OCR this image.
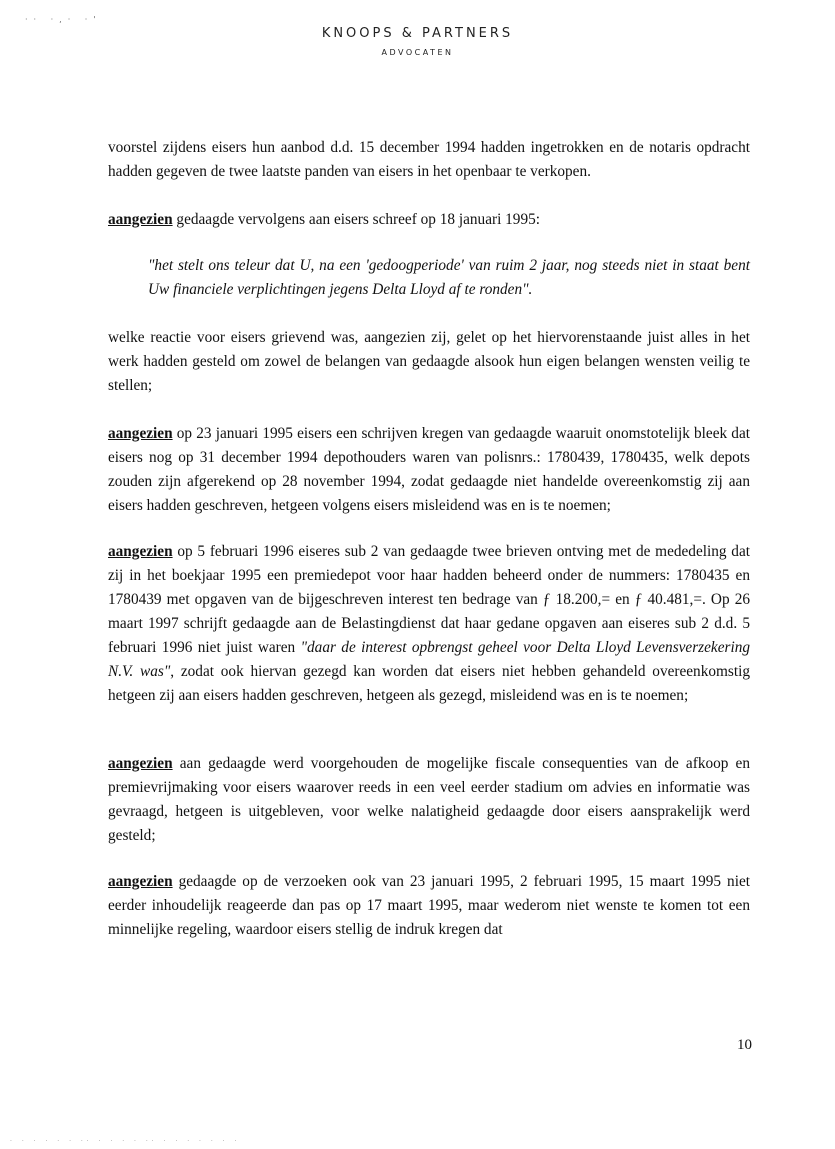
·· ·,· ·'
KNOOPS & PARTNERS
ADVOCATEN

voorstel zijdens eisers hun aanbod d.d. 15 december 1994 hadden ingetrokken en de notaris opdracht hadden gegeven de twee laatste panden van eisers in het openbaar te verkopen.

aangezien gedaagde vervolgens aan eisers schreef op 18 januari 1995:

"het stelt ons teleur dat U, na een 'gedoogperiode' van ruim 2 jaar, nog steeds niet in staat bent Uw financiele verplichtingen jegens Delta Lloyd af te ronden".

welke reactie voor eisers grievend was, aangezien zij, gelet op het hiervorenstaande juist alles in het werk hadden gesteld om zowel de belangen van gedaagde alsook hun eigen belangen wensten veilig te stellen;

aangezien op 23 januari 1995 eisers een schrijven kregen van gedaagde waaruit onomstotelijk bleek dat eisers nog op 31 december 1994 depothouders waren van polisnrs.: 1780439, 1780435, welk depots zouden zijn afgerekend op 28 november 1994, zodat gedaagde niet handelde overeenkomstig zij aan eisers hadden geschreven, hetgeen volgens eisers misleidend was en is te noemen;

aangezien op 5 februari 1996 eiseres sub 2 van gedaagde twee brieven ontving met de mededeling dat zij in het boekjaar 1995 een premiedepot voor haar hadden beheerd onder de nummers: 1780435 en 1780439 met opgaven van de bijgeschreven interest ten bedrage van ƒ 18.200,= en ƒ 40.481,=. Op 26 maart 1997 schrijft gedaagde aan de Belastingdienst dat haar gedane opgaven aan eiseres sub 2 d.d. 5 februari 1996 niet juist waren "daar de interest opbrengst geheel voor Delta Lloyd Levensverzekering N.V. was", zodat ook hiervan gezegd kan worden dat eisers niet hebben gehandeld overeenkomstig hetgeen zij aan eisers hadden geschreven, hetgeen als gezegd, misleidend was en is te noemen;

aangezien aan gedaagde werd voorgehouden de mogelijke fiscale consequenties van de afkoop en premievrijmaking voor eisers waarover reeds in een veel eerder stadium om advies en informatie was gevraagd, hetgeen is uitgebleven, voor welke nalatigheid gedaagde door eisers aansprakelijk werd gesteld;

aangezien gedaagde op de verzoeken ook van 23 januari 1995, 2 februari 1995, 15 maart 1995 niet eerder inhoudelijk reageerde dan pas op 17 maart 1995, maar wederom niet wenste te komen tot een minnelijke regeling, waardoor eisers stellig de indruk kregen dat

10
· · · · · · ·· · · · · ·· · · · · · · ·
